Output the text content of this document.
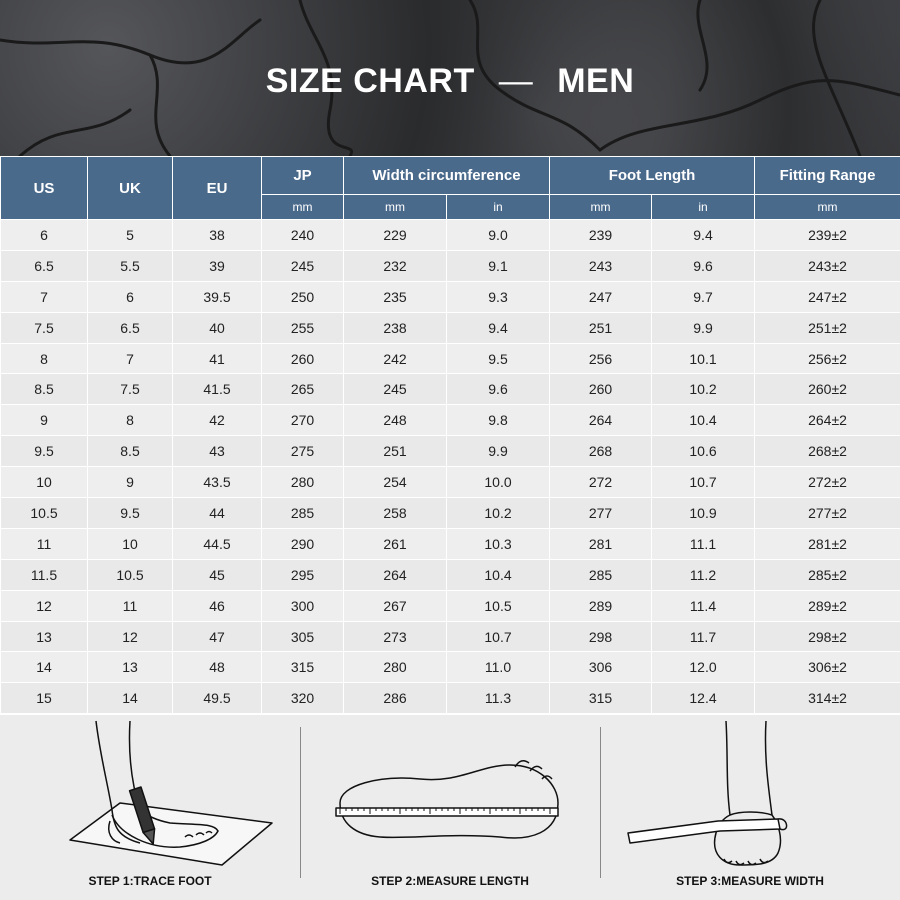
SIZE CHART — MEN
US	UK	EU	JP	Width circumference		Foot Length		Fitting Range
			mm	mm	in	mm	in	mm
6	5	38	240	229	9.0	239	9.4	239±2
6.5	5.5	39	245	232	9.1	243	9.6	243±2
7	6	39.5	250	235	9.3	247	9.7	247±2
7.5	6.5	40	255	238	9.4	251	9.9	251±2
8	7	41	260	242	9.5	256	10.1	256±2
8.5	7.5	41.5	265	245	9.6	260	10.2	260±2
9	8	42	270	248	9.8	264	10.4	264±2
9.5	8.5	43	275	251	9.9	268	10.6	268±2
10	9	43.5	280	254	10.0	272	10.7	272±2
10.5	9.5	44	285	258	10.2	277	10.9	277±2
11	10	44.5	290	261	10.3	281	11.1	281±2
11.5	10.5	45	295	264	10.4	285	11.2	285±2
12	11	46	300	267	10.5	289	11.4	289±2
13	12	47	305	273	10.7	298	11.7	298±2
14	13	48	315	280	11.0	306	12.0	306±2
15	14	49.5	320	286	11.3	315	12.4	314±2
STEP 1:TRACE FOOT	STEP 2:MEASURE LENGTH	STEP 3:MEASURE WIDTH
